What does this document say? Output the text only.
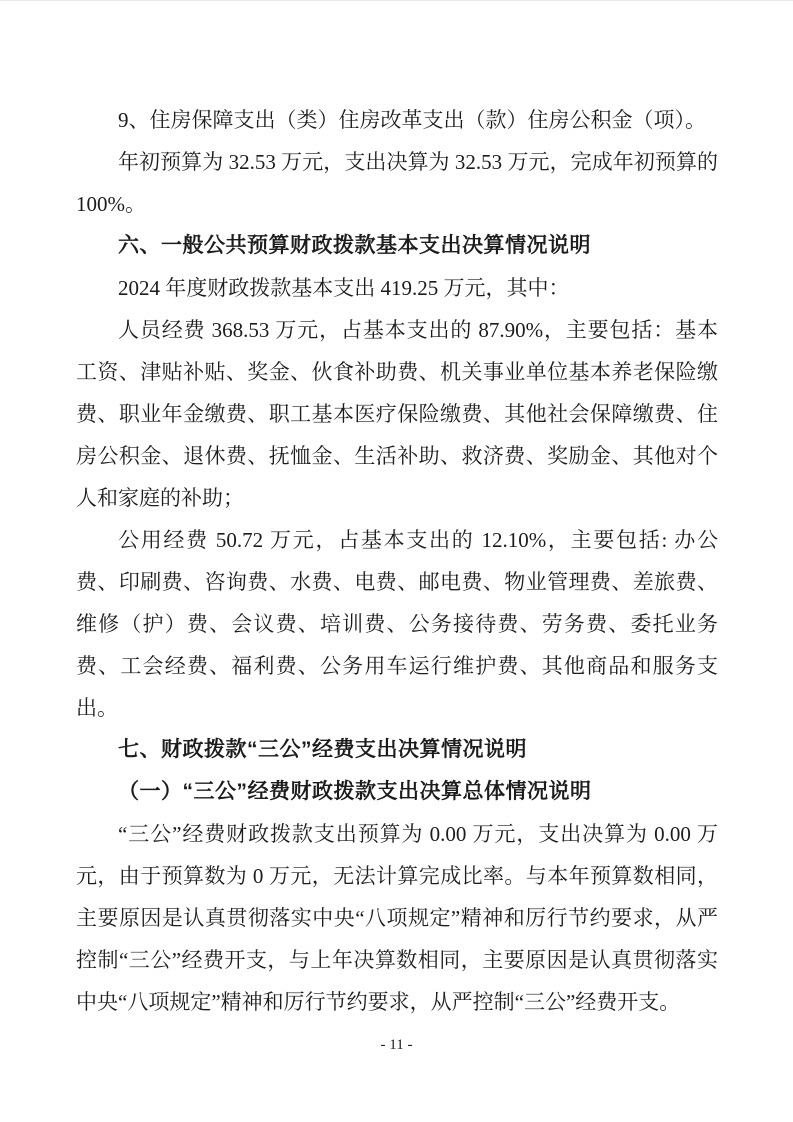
9、住房保障支出（类）住房改革支出（款）住房公积金（项）。

年初预算为 32.53 万元，支出决算为 32.53 万元，完成年初预算的 100%。

六、一般公共预算财政拨款基本支出决算情况说明

2024 年度财政拨款基本支出 419.25 万元，其中：

人员经费 368.53 万元，占基本支出的 87.90%，主要包括：基本工资、津贴补贴、奖金、伙食补助费、机关事业单位基本养老保险缴费、职业年金缴费、职工基本医疗保险缴费、其他社会保障缴费、住房公积金、退休费、抚恤金、生活补助、救济费、奖励金、其他对个人和家庭的补助；

公用经费 50.72 万元，占基本支出的 12.10%，主要包括: 办公费、印刷费、咨询费、水费、电费、邮电费、物业管理费、差旅费、维修（护）费、会议费、培训费、公务接待费、劳务费、委托业务费、工会经费、福利费、公务用车运行维护费、其他商品和服务支出。

七、财政拨款“三公”经费支出决算情况说明

（一）“三公”经费财政拨款支出决算总体情况说明

“三公”经费财政拨款支出预算为 0.00 万元，支出决算为 0.00 万元，由于预算数为 0 万元，无法计算完成比率。与本年预算数相同，主要原因是认真贯彻落实中央“八项规定”精神和厉行节约要求，从严控制“三公”经费开支，与上年决算数相同，主要原因是认真贯彻落实中央“八项规定”精神和厉行节约要求，从严控制“三公”经费开支。

- 11 -
